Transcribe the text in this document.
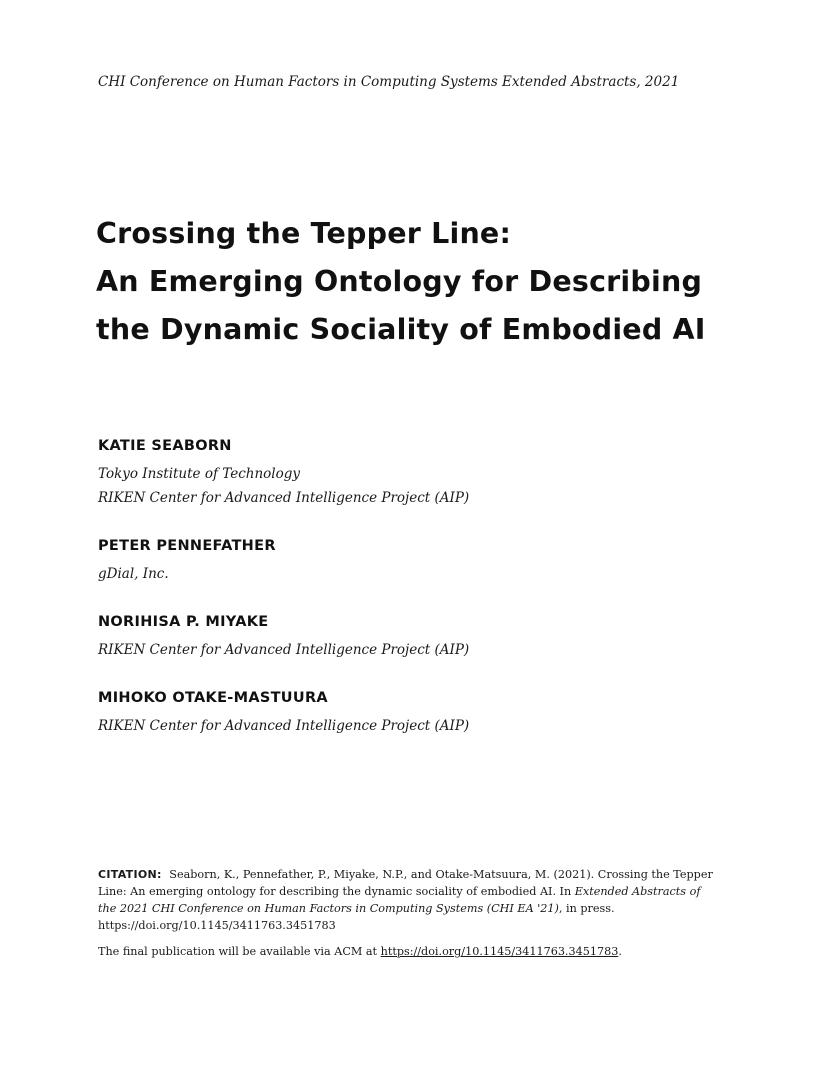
CHI Conference on Human Factors in Computing Systems Extended Abstracts, 2021
Crossing the Tepper Line:
An Emerging Ontology for Describing
the Dynamic Sociality of Embodied AI
KATIE SEABORN
Tokyo Institute of Technology
RIKEN Center for Advanced Intelligence Project (AIP)
PETER PENNEFATHER
gDial, Inc.
NORIHISA P. MIYAKE
RIKEN Center for Advanced Intelligence Project (AIP)
MIHOKO OTAKE-MASTUURA
RIKEN Center for Advanced Intelligence Project (AIP)
CITATION: Seaborn, K., Pennefather, P., Miyake, N.P., and Otake-Matsuura, M. (2021). Crossing the Tepper Line: An emerging ontology for describing the dynamic sociality of embodied AI. In Extended Abstracts of the 2021 CHI Conference on Human Factors in Computing Systems (CHI EA '21), in press. https://doi.org/10.1145/3411763.3451783
The final publication will be available via ACM at https://doi.org/10.1145/3411763.3451783.
